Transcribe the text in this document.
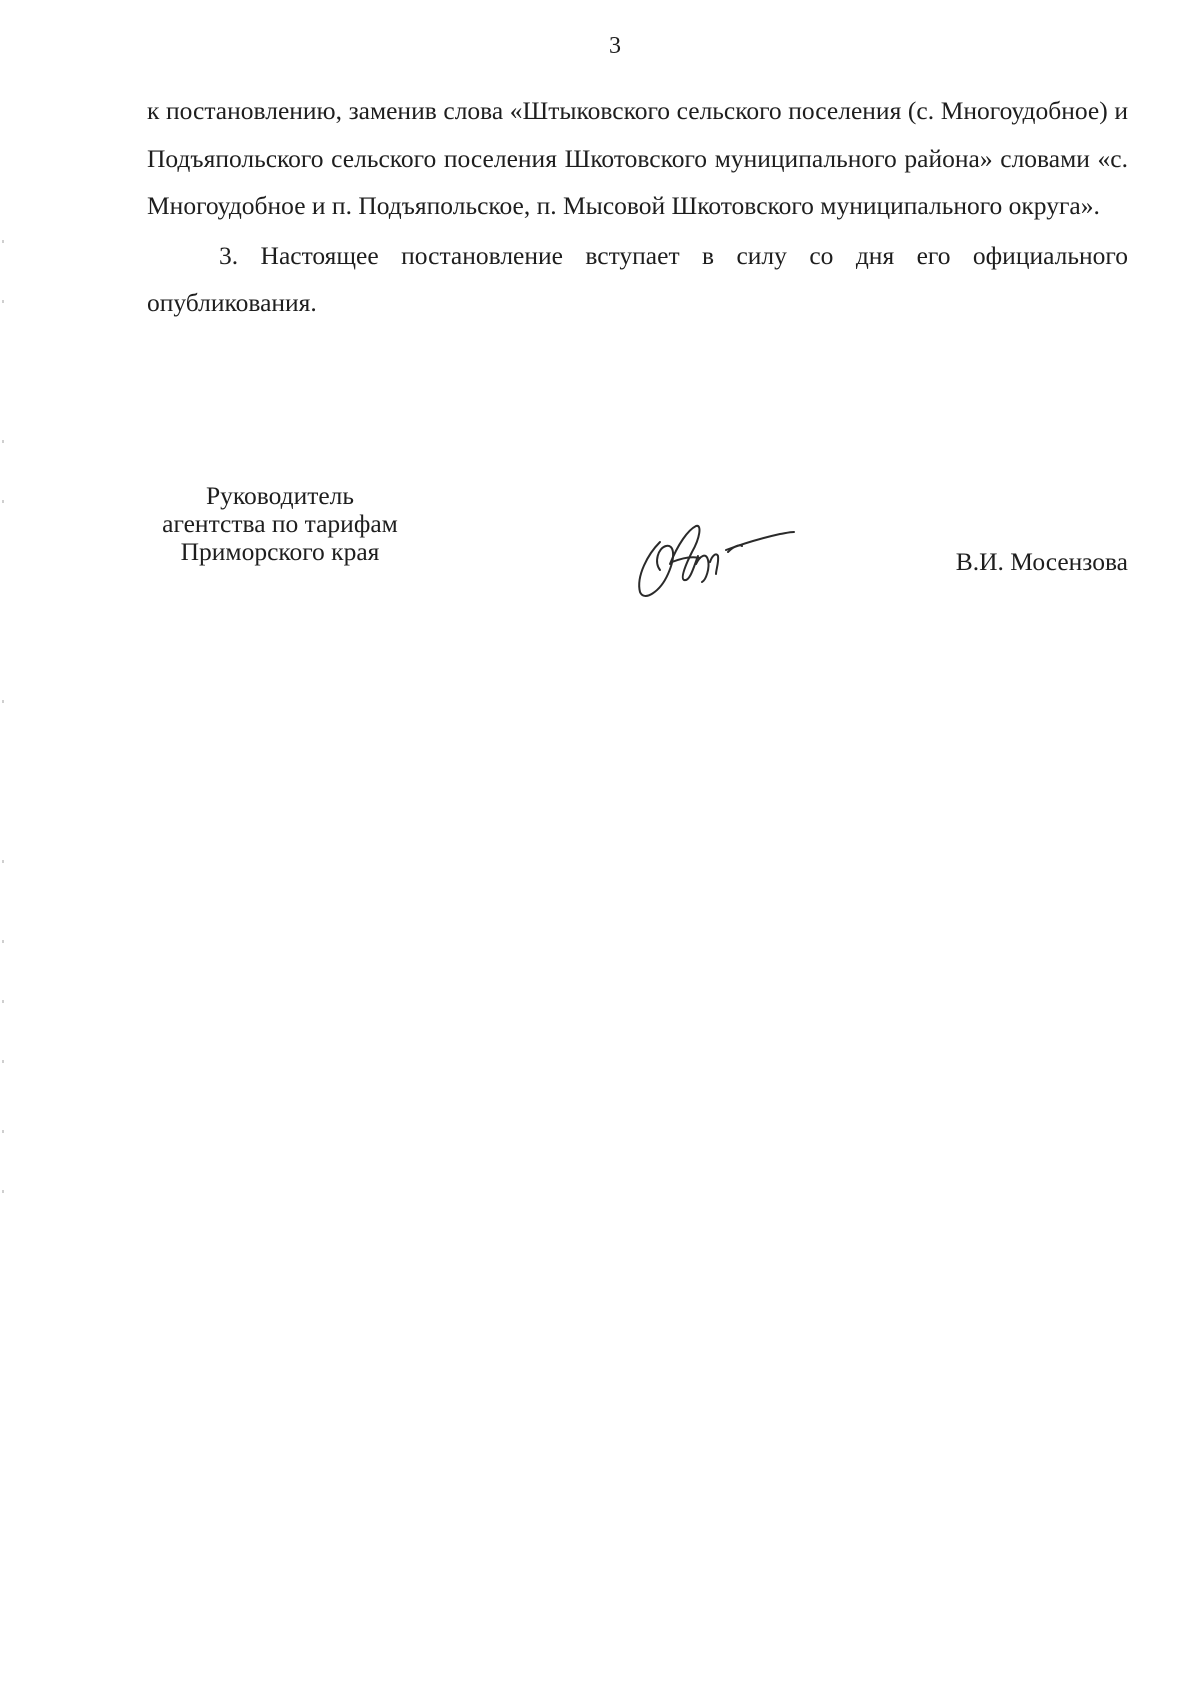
3

к постановлению, заменив слова «Штыковского сельского поселения (с. Многоудобное) и Подъяпольского сельского поселения Шкотовского муниципального района» словами «с. Многоудобное и п. Подъяпольское, п. Мысовой Шкотовского муниципального округа».

3. Настоящее постановление вступает в силу со дня его официального опубликования.

Руководитель
агентства по тарифам
Приморского края	В.И. Мосензова
